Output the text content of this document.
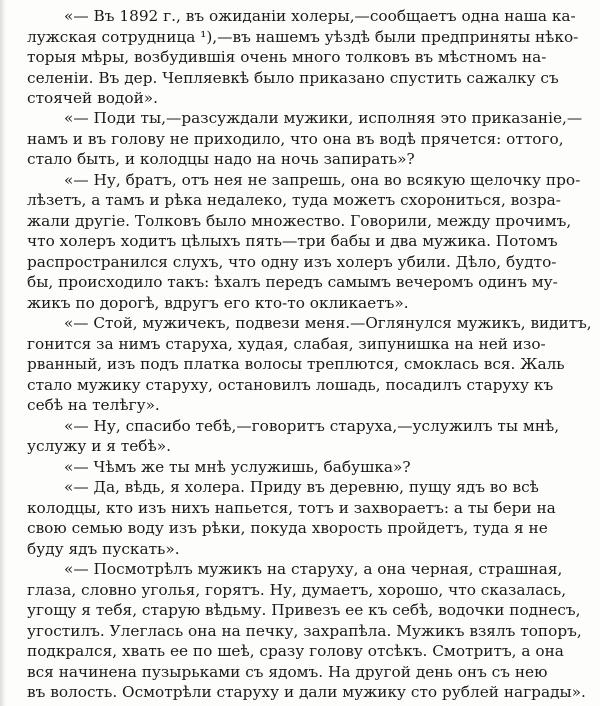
«— Въ 1892 г., въ ожиданіи холеры,—сообщаетъ одна наша ка-
лужская сотрудница ¹),—въ нашемъ уѣздѣ были предприняты нѣко-
торыя мѣры, возбудившія очень много толковъ въ мѣстномъ на-
селеніи. Въ дер. Чепляевкѣ было приказано спустить сажалку съ
стоячей водой».
«— Поди ты,—разсуждали мужики, исполняя это приказаніе,—
намъ и въ голову не приходило, что она въ водѣ прячется: оттого,
стало быть, и колодцы надо на ночь запирать»?
«— Ну, братъ, отъ нея не запрешь, она во всякую щелочку про-
лѣзетъ, а тамъ и рѣка недалеко, туда можетъ схорониться, возра-
жали другіе. Толковъ было множество. Говорили, между прочимъ,
что холеръ ходитъ цѣлыхъ пять—три бабы и два мужика. Потомъ
распространился слухъ, что одну изъ холеръ убили. Дѣло, будто-
бы, происходило такъ: ѣхалъ передъ самымъ вечеромъ одинъ му-
жикъ по дорогѣ, вдругъ его кто-то окликаетъ».
«— Стой, мужичекъ, подвези меня.—Оглянулся мужикъ, видитъ,
гонится за нимъ старуха, худая, слабая, зипунишка на ней изо-
рванный, изъ подъ платка волосы треплются, смоклась вся. Жаль
стало мужику старуху, остановилъ лошадь, посадилъ старуху къ
себѣ на телѣгу».
«— Ну, спасибо тебѣ,—говоритъ старуха,—услужилъ ты мнѣ,
услужу и я тебѣ».
«— Чѣмъ же ты мнѣ услужишь, бабушка»?
«— Да, вѣдь, я холера. Приду въ деревню, пущу ядъ во всѣ
колодцы, кто изъ нихъ напьется, тотъ и захвораетъ: а ты бери на
свою семью воду изъ рѣки, покуда хворость пройдетъ, туда я не
буду ядъ пускать».
«— Посмотрѣлъ мужикъ на старуху, а она черная, страшная,
глаза, словно уголья, горятъ. Ну, думаетъ, хорошо, что сказалась,
угощу я тебя, старую вѣдьму. Привезъ ее къ себѣ, водочки поднесъ,
угостилъ. Улеглась она на печку, захрапѣла. Мужикъ взялъ топоръ,
подкрался, хвать ее по шеѣ, сразу голову отсѣкъ. Смотритъ, а она
вся начинена пузырьками съ ядомъ. На другой день онъ съ нею
въ волость. Осмотрѣли старуху и дали мужику сто рублей награды».
